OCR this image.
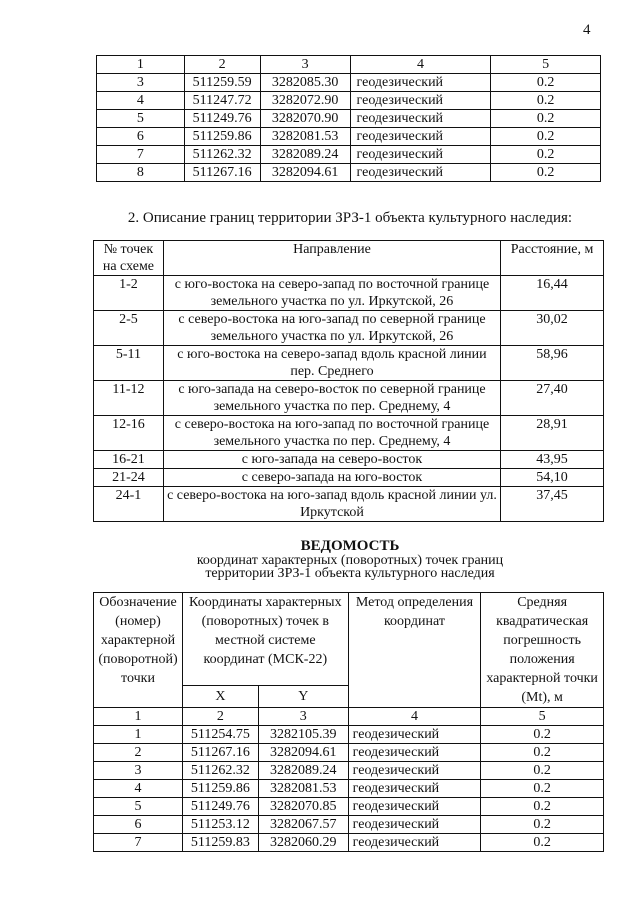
4
1	2	3	4	5
3	511259.59	3282085.30	геодезический	0.2
4	511247.72	3282072.90	геодезический	0.2
5	511249.76	3282070.90	геодезический	0.2
6	511259.86	3282081.53	геодезический	0.2
7	511262.32	3282089.24	геодезический	0.2
8	511267.16	3282094.61	геодезический	0.2
2. Описание границ территории ЗРЗ-1 объекта культурного наследия:
№ точек на схеме	Направление	Расстояние, м
1-2	с юго-востока на северо-запад по восточной границе земельного участка по ул. Иркутской, 26	16,44
2-5	с северо-востока на юго-запад по северной границе земельного участка по ул. Иркутской, 26	30,02
5-11	с юго-востока на северо-запад вдоль красной линии пер. Среднего	58,96
11-12	с юго-запада на северо-восток по северной границе земельного участка по пер. Среднему, 4	27,40
12-16	с северо-востока на юго-запад по восточной границе земельного участка по пер. Среднему, 4	28,91
16-21	с юго-запада на северо-восток	43,95
21-24	с северо-запада на юго-восток	54,10
24-1	с северо-востока на юго-запад вдоль красной линии ул. Иркутской	37,45
ВЕДОМОСТЬ
координат характерных (поворотных) точек границ
территории ЗРЗ-1 объекта культурного наследия
Обозначение (номер) характерной (поворотной) точки	Координаты характерных (поворотных) точек в местной системе координат (МСК-22)		Метод определения координат	Средняя квадратическая погрешность положения характерной точки (Mt), м
	X	Y		
1	2	3	4	5
1	511254.75	3282105.39	геодезический	0.2
2	511267.16	3282094.61	геодезический	0.2
3	511262.32	3282089.24	геодезический	0.2
4	511259.86	3282081.53	геодезический	0.2
5	511249.76	3282070.85	геодезический	0.2
6	511253.12	3282067.57	геодезический	0.2
7	511259.83	3282060.29	геодезический	0.2
